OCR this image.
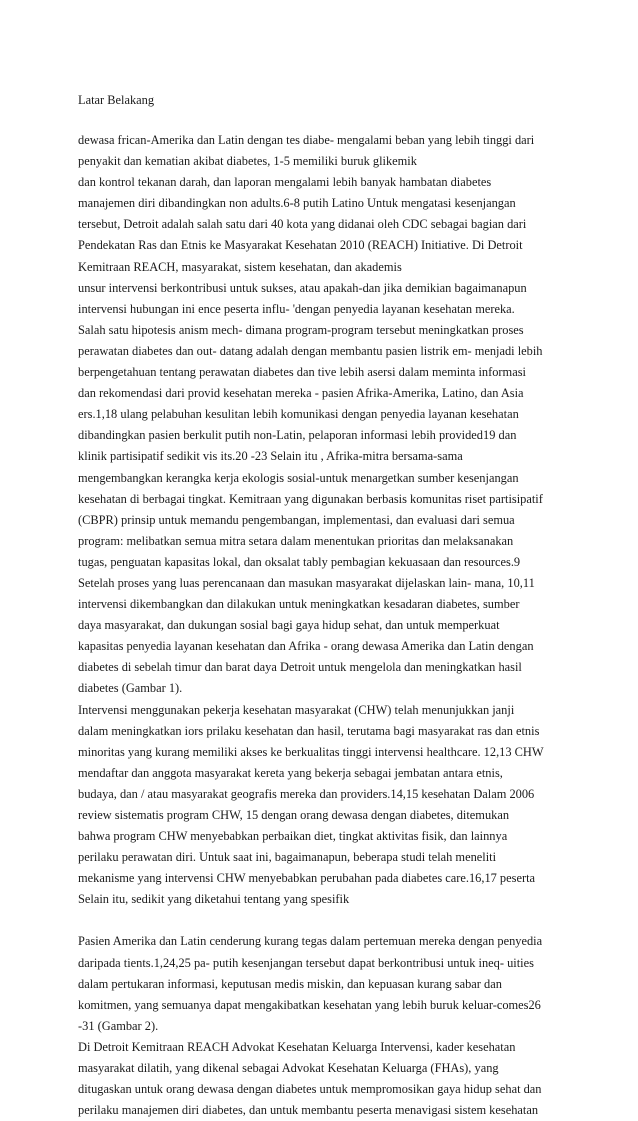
Latar Belakang
dewasa frican-Amerika dan Latin dengan tes diabe- mengalami beban yang lebih tinggi dari
penyakit dan kematian akibat diabetes, 1-5 memiliki buruk glikemik
dan kontrol tekanan darah, dan laporan mengalami lebih banyak hambatan diabetes
manajemen diri dibandingkan non adults.6-8 putih Latino Untuk mengatasi kesenjangan
tersebut, Detroit adalah salah satu dari 40 kota yang didanai oleh CDC sebagai bagian dari
Pendekatan Ras dan Etnis ke Masyarakat Kesehatan 2010 (REACH) Initiative. Di Detroit
Kemitraan REACH, masyarakat, sistem kesehatan, dan akademis
unsur intervensi berkontribusi untuk sukses, atau apakah-dan jika demikian bagaimanapun
intervensi hubungan ini ence peserta influ- 'dengan penyedia layanan kesehatan mereka.
Salah satu hipotesis anism mech- dimana program-program tersebut meningkatkan proses
perawatan diabetes dan out- datang adalah dengan membantu pasien listrik em- menjadi lebih
berpengetahuan tentang perawatan diabetes dan tive lebih asersi dalam meminta informasi
dan rekomendasi dari provid kesehatan mereka - pasien Afrika-Amerika, Latino, dan Asia
ers.1,18 ulang pelabuhan kesulitan lebih komunikasi dengan penyedia layanan kesehatan
dibandingkan pasien berkulit putih non-Latin, pelaporan informasi lebih provided19 dan
klinik partisipatif sedikit vis its.20 -23 Selain itu , Afrika-mitra bersama-sama
mengembangkan kerangka kerja ekologis sosial-untuk menargetkan sumber kesenjangan
kesehatan di berbagai tingkat. Kemitraan yang digunakan berbasis komunitas riset partisipatif
(CBPR) prinsip untuk memandu pengembangan, implementasi, dan evaluasi dari semua
program: melibatkan semua mitra setara dalam menentukan prioritas dan melaksanakan
tugas, penguatan kapasitas lokal, dan oksalat tably pembagian kekuasaan dan resources.9
Setelah proses yang luas perencanaan dan masukan masyarakat dijelaskan lain- mana, 10,11
intervensi dikembangkan dan dilakukan untuk meningkatkan kesadaran diabetes, sumber
daya masyarakat, dan dukungan sosial bagi gaya hidup sehat, dan untuk memperkuat
kapasitas penyedia layanan kesehatan dan Afrika - orang dewasa Amerika dan Latin dengan
diabetes di sebelah timur dan barat daya Detroit untuk mengelola dan meningkatkan hasil
diabetes (Gambar 1).
Intervensi menggunakan pekerja kesehatan masyarakat (CHW) telah menunjukkan janji
dalam meningkatkan iors prilaku kesehatan dan hasil, terutama bagi masyarakat ras dan etnis
minoritas yang kurang memiliki akses ke berkualitas tinggi intervensi healthcare. 12,13 CHW
mendaftar dan anggota masyarakat kereta yang bekerja sebagai jembatan antara etnis,
budaya, dan / atau masyarakat geografis mereka dan providers.14,15 kesehatan Dalam 2006
review sistematis program CHW, 15 dengan orang dewasa dengan diabetes, ditemukan
bahwa program CHW menyebabkan perbaikan diet, tingkat aktivitas fisik, dan lainnya
perilaku perawatan diri. Untuk saat ini, bagaimanapun, beberapa studi telah meneliti
mekanisme yang intervensi CHW menyebabkan perubahan pada diabetes care.16,17 peserta
Selain itu, sedikit yang diketahui tentang yang spesifik
Pasien Amerika dan Latin cenderung kurang tegas dalam pertemuan mereka dengan penyedia
daripada tients.1,24,25 pa- putih kesenjangan tersebut dapat berkontribusi untuk ineq- uities
dalam pertukaran informasi, keputusan medis miskin, dan kepuasan kurang sabar dan
komitmen, yang semuanya dapat mengakibatkan kesehatan yang lebih buruk keluar-comes26
-31 (Gambar 2).
Di Detroit Kemitraan REACH Advokat Kesehatan Keluarga Intervensi, kader kesehatan
masyarakat dilatih, yang dikenal sebagai Advokat Kesehatan Keluarga (FHAs), yang
ditugaskan untuk orang dewasa dengan diabetes untuk mempromosikan gaya hidup sehat dan
perilaku manajemen diri diabetes, dan untuk membantu peserta menavigasi sistem kesehatan
